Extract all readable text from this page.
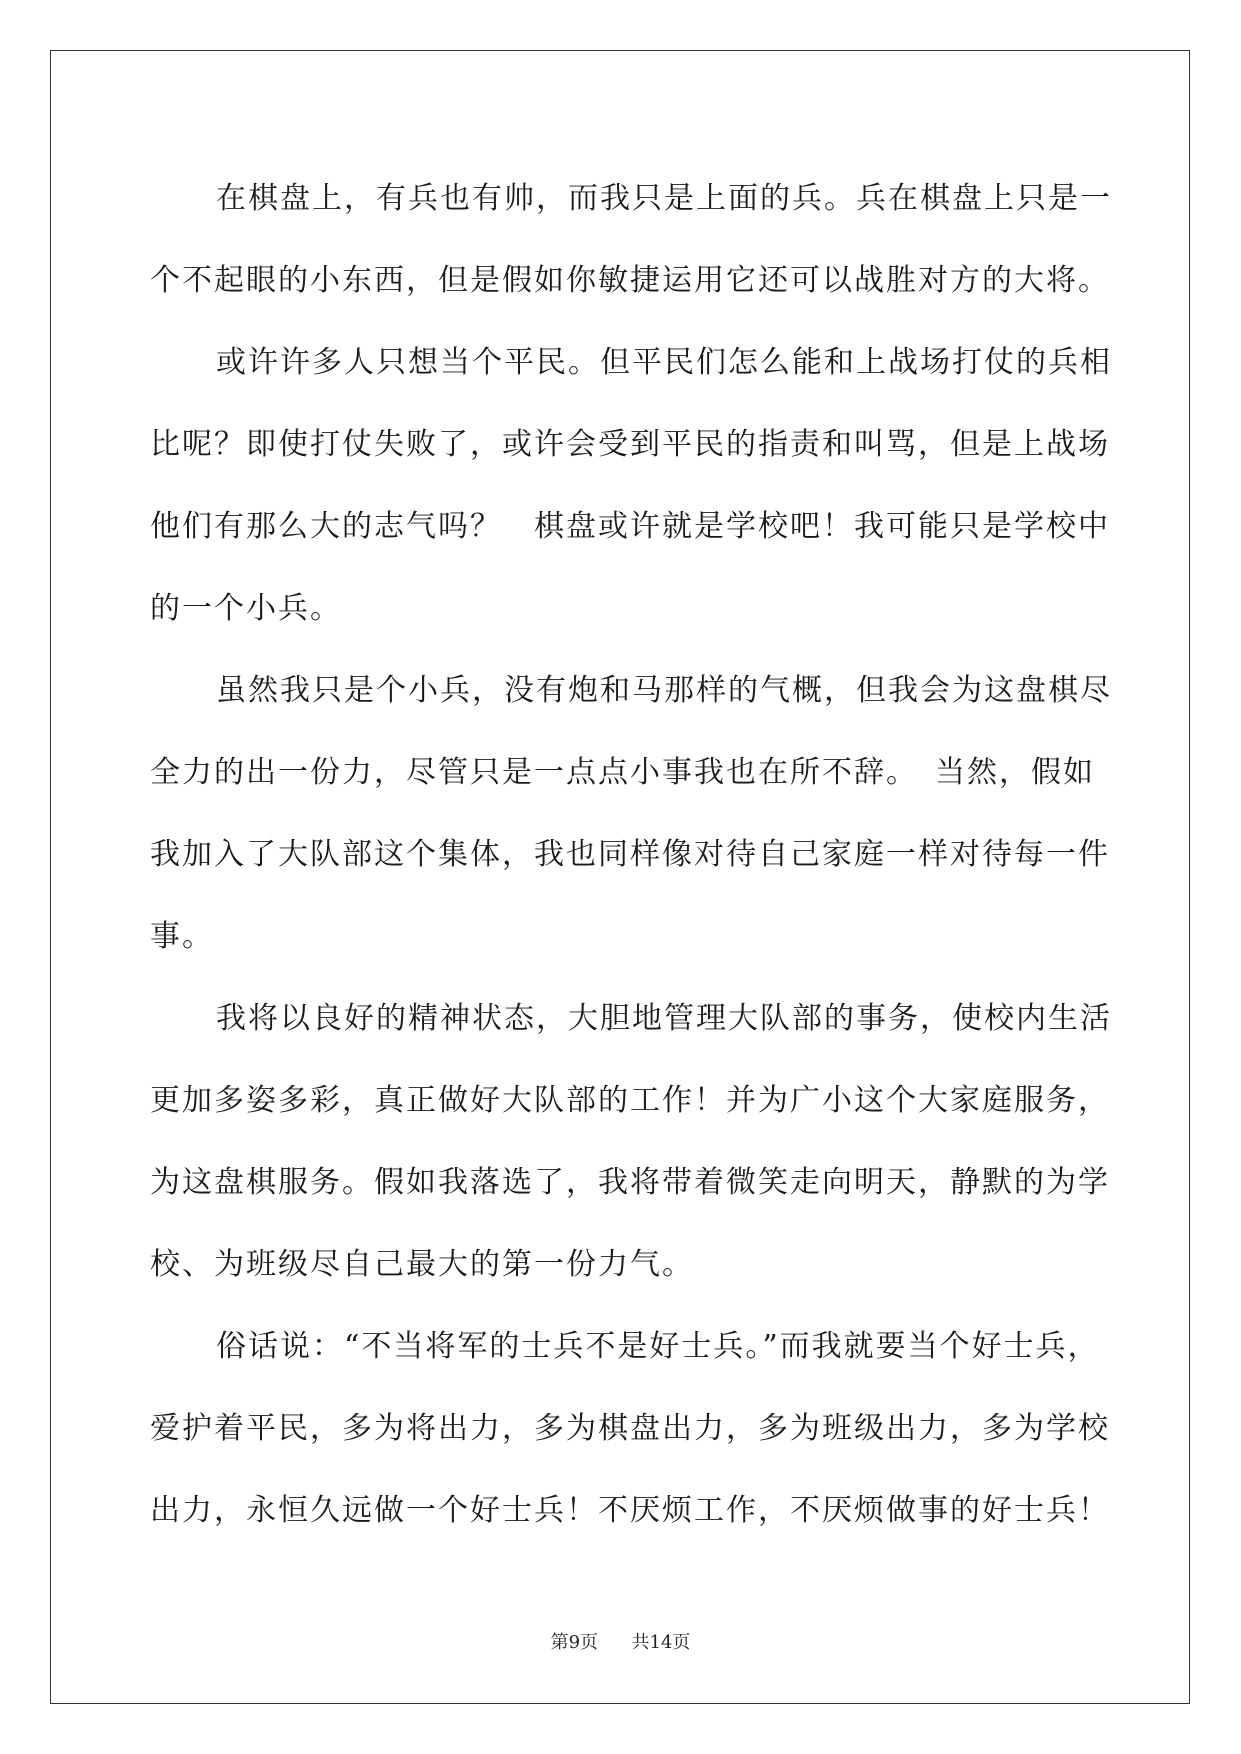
在棋盘上，有兵也有帅，而我只是上面的兵。兵在棋盘上只是一
个不起眼的小东西，但是假如你敏捷运用它还可以战胜对方的大将。
或许许多人只想当个平民。但平民们怎么能和上战场打仗的兵相
比呢？即使打仗失败了，或许会受到平民的指责和叫骂，但是上战场
他们有那么大的志气吗？　棋盘或许就是学校吧！我可能只是学校中
的一个小兵。
虽然我只是个小兵，没有炮和马那样的气概，但我会为这盘棋尽
全力的出一份力，尽管只是一点点小事我也在所不辞。　当然，假如
我加入了大队部这个集体，我也同样像对待自己家庭一样对待每一件
事。
我将以良好的精神状态，大胆地管理大队部的事务，使校内生活
更加多姿多彩，真正做好大队部的工作！并为广小这个大家庭服务，
为这盘棋服务。假如我落选了，我将带着微笑走向明天，静默的为学
校、为班级尽自己最大的第一份力气。
俗话说：“不当将军的士兵不是好士兵。”而我就要当个好士兵，
爱护着平民，多为将出力，多为棋盘出力，多为班级出力，多为学校
出力，永恒久远做一个好士兵！不厌烦工作，不厌烦做事的好士兵！
第9页 共14页
